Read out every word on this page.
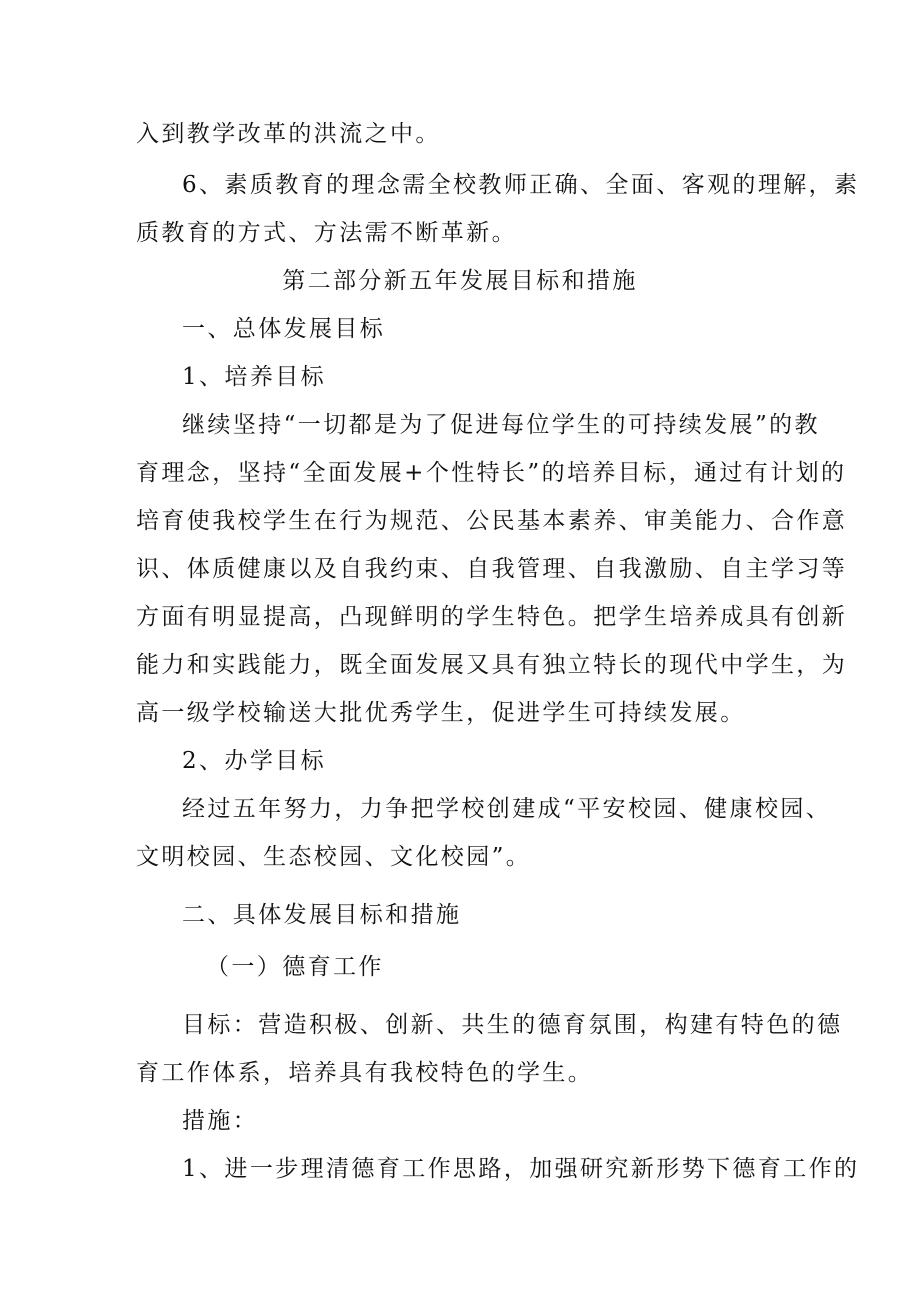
入到教学改革的洪流之中。
6、素质教育的理念需全校教师正确、全面、客观的理解，素
质教育的方式、方法需不断革新。
第二部分新五年发展目标和措施
一、总体发展目标
1、培养目标
继续坚持“一切都是为了促进每位学生的可持续发展”的教
育理念，坚持“全面发展+个性特长”的培养目标，通过有计划的
培育使我校学生在行为规范、公民基本素养、审美能力、合作意
识、体质健康以及自我约束、自我管理、自我激励、自主学习等
方面有明显提高，凸现鲜明的学生特色。把学生培养成具有创新
能力和实践能力，既全面发展又具有独立特长的现代中学生，为
高一级学校输送大批优秀学生，促进学生可持续发展。
2、办学目标
经过五年努力，力争把学校创建成“平安校园、健康校园、
文明校园、生态校园、文化校园”。
二、具体发展目标和措施
（一）德育工作
目标：营造积极、创新、共生的德育氛围，构建有特色的德
育工作体系，培养具有我校特色的学生。
措施：
1、进一步理清德育工作思路，加强研究新形势下德育工作的
